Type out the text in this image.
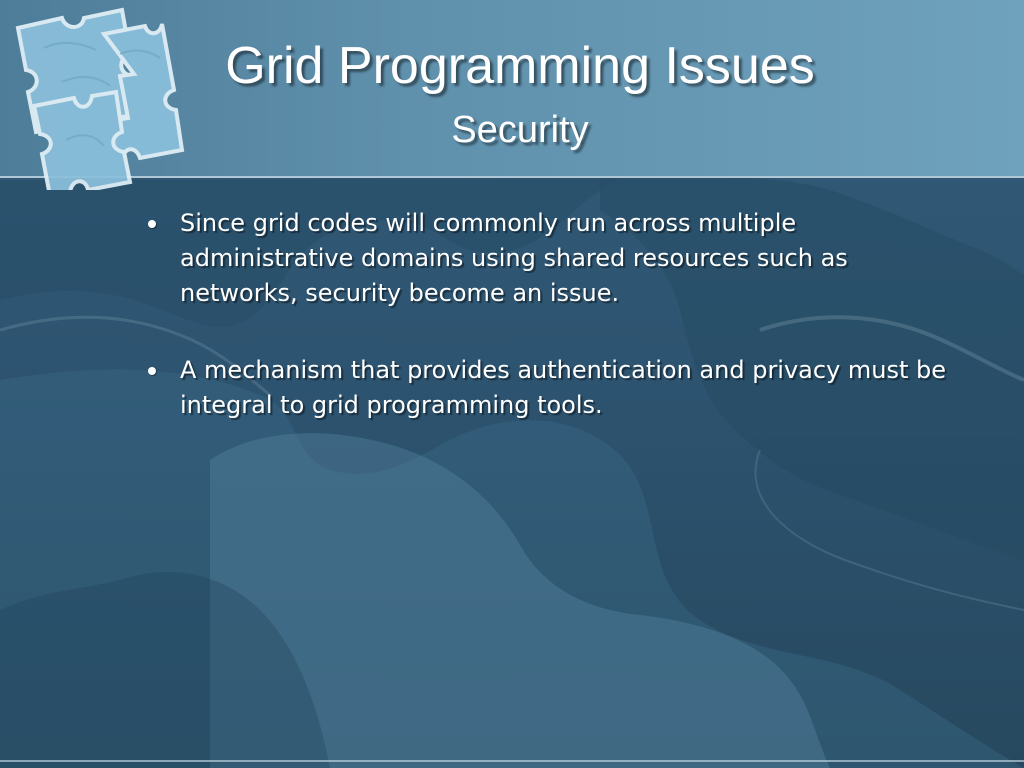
Grid Programming Issues
Security
Since grid codes will commonly run across multiple administrative domains using shared resources such as networks, security become an issue.
A mechanism that provides authentication and privacy must be integral to grid programming tools.
